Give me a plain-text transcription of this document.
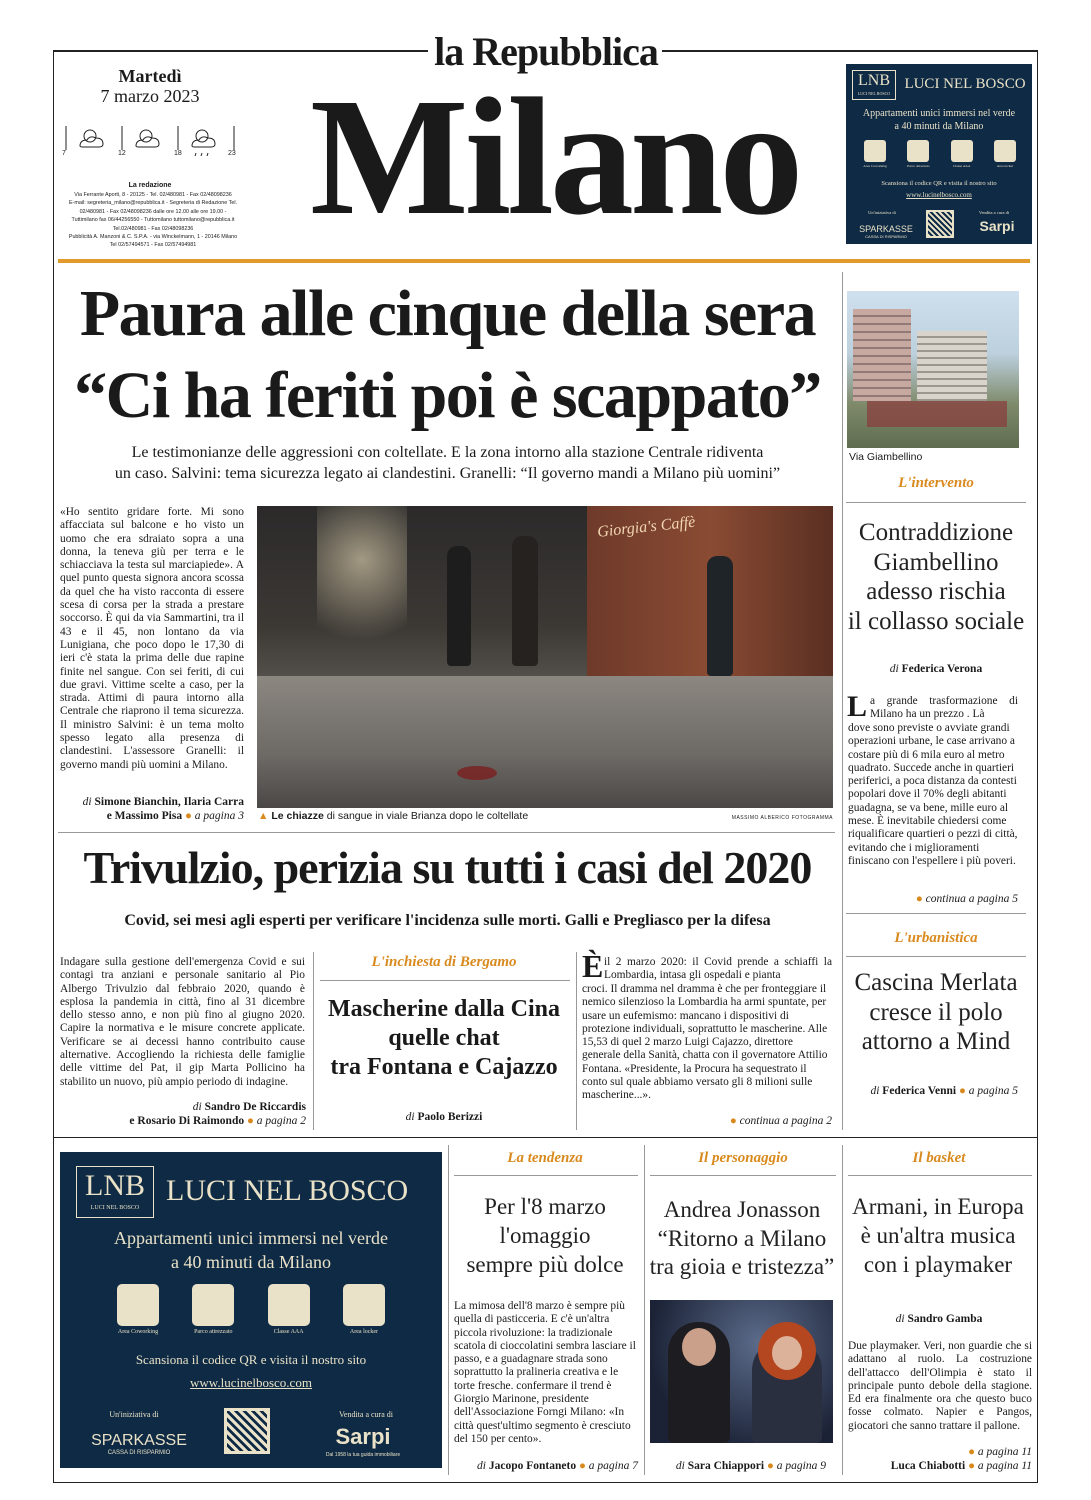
la Repubblica
Milano
Martedì
7 marzo 2023
7	12	18	23
La redazione
Via Ferrante Aporti, 8 - 20125 - Tel. 02/480981 - Fax 02/48098236
E-mail: segreteria_milano@repubblica.it - Segreteria di Redazione Tel.
02/480981 - Fax 02/48098236 dalle ore 12.00 alle ore 19.00 -
Tuttimilano fax 06/44256550 - Tuttomilano tuttomilano@repubblica.it
Tel.02/480981 - Fax 02/48098236
Pubblicità A. Manzoni & C. S.P.A. - via Winckelmann, 1 - 20146 Milano
Tel 02/57494571 - Fax 02/57494981
LNB
LUCI NEL BOSCO
LUCI NEL BOSCO
Appartamenti unici immersi nel verde
a 40 minuti da Milano
Area Coworking	Parco attrezzato	Classe AAA	Area locker
Scansiona il codice QR e visita il nostro sito
www.lucinelbosco.com
Un'iniziativa di	Vendita a cura di
SPARKASSE
CASSA DI RISPARMIO
Sarpi
Paura alle cinque della sera
“Ci ha feriti poi è scappato”
Le testimonianze delle aggressioni con coltellate. E la zona intorno alla stazione Centrale ridiventa
un caso. Salvini: tema sicurezza legato ai clandestini. Granelli: “Il governo mandi a Milano più uomini”
«Ho sentito gridare forte. Mi sono affacciata sul balcone e ho visto un uomo che era sdraiato sopra a una donna, la teneva giù per terra e le schiacciava la testa sul marciapiede». A quel punto questa signora ancora scossa da quel che ha visto racconta di essere scesa di corsa per la strada a prestare soccorso. È qui da via Sammartini, tra il 43 e il 45, non lontano da via Lunigiana, che poco dopo le 17,30 di ieri c'è stata la prima delle due rapine finite nel sangue. Con sei feriti, di cui due gravi. Vittime scelte a caso, per la strada. Attimi di paura intorno alla Centrale che riaprono il tema sicurezza. Il ministro Salvini: è un tema molto spesso legato alla presenza di clandestini. L'assessore Granelli: il governo mandi più uomini a Milano.
di Simone Bianchin, Ilaria Carra
e Massimo Pisa ● a pagina 3
Giorgia's Caffè
▲ Le chiazze di sangue in viale Brianza dopo le coltellate	MASSIMO ALBERICO FOTOGRAMMA
Via Giambellino
L'intervento
Contraddizione
Giambellino
adesso rischia
il collasso sociale
di Federica Verona
L a grande trasformazione di Milano ha un prezzo . Là
dove sono previste o avviate grandi operazioni urbane, le case arrivano a costare più di 6 mila euro al metro quadrato. Succede anche in quartieri periferici, a poca distanza da contesti popolari dove il 70% degli abitanti guadagna, se va bene, mille euro al mese. È inevitabile chiedersi come riqualificare quartieri o pezzi di città, evitando che i miglioramenti finiscano con l'espellere i più poveri.
● continua a pagina 5
L'urbanistica
Cascina Merlata
cresce il polo
attorno a Mind
di Federica Venni ● a pagina 5
Trivulzio, perizia su tutti i casi del 2020
Covid, sei mesi agli esperti per verificare l'incidenza sulle morti. Galli e Pregliasco per la difesa
Indagare sulla gestione dell'emergenza Covid e sui contagi tra anziani e personale sanitario al Pio Albergo Trivulzio dal febbraio 2020, quando è esplosa la pandemia in città, fino al 31 dicembre dello stesso anno, e non più fino al giugno 2020. Capire la normativa e le misure concrete applicate. Verificare se ai decessi hanno contribuito cause alternative. Accogliendo la richiesta delle famiglie delle vittime del Pat, il gip Marta Pollicino ha stabilito un nuovo, più ampio periodo di indagine.
di Sandro De Riccardis
e Rosario Di Raimondo ● a pagina 2
L'inchiesta di Bergamo
Mascherine dalla Cina
quelle chat
tra Fontana e Cajazzo
di Paolo Berizzi
È il 2 marzo 2020: il Covid prende a schiaffi la Lombardia, intasa gli ospedali e pianta
croci. Il dramma nel dramma è che per fronteggiare il nemico silenzioso la Lombardia ha armi spuntate, per usare un eufemismo: mancano i dispositivi di protezione individuali, soprattutto le mascherine. Alle 15,53 di quel 2 marzo Luigi Cajazzo, direttore generale della Sanità, chatta con il governatore Attilio Fontana. «Presidente, la Procura ha sequestrato il conto sul quale abbiamo versato gli 8 milioni sulle mascherine...».
● continua a pagina 2
LNB
LUCI NEL BOSCO
LUCI NEL BOSCO
Appartamenti unici immersi nel verde
a 40 minuti da Milano
Area Coworking	Parco attrezzato	Classe AAA	Area locker
Scansiona il codice QR e visita il nostro sito
www.lucinelbosco.com
Un'iniziativa di	Vendita a cura di
SPARKASSE
CASSA DI RISPARMIO
Sarpi
Dal 1958 la tua guida immobiliare
La tendenza
Per l'8 marzo
l'omaggio
sempre più dolce
La mimosa dell'8 marzo è sempre più quella di pasticceria. E c'è un'altra piccola rivoluzione: la tradizionale scatola di cioccolatini sembra lasciare il passo, e a guadagnare strada sono soprattutto la pralineria creativa e le torte fresche. confermare il trend è Giorgio Marinone, presidente dell'Associazione Forngi Milano: «In città quest'ultimo segmento è cresciuto del 150 per cento».
di Jacopo Fontaneto ● a pagina 7
Il personaggio
Andrea Jonasson
“Ritorno a Milano
tra gioia e tristezza”
di Sara Chiappori ● a pagina 9
Il basket
Armani, in Europa
è un'altra musica
con i playmaker
di Sandro Gamba
Due playmaker. Veri, non guardie che si adattano al ruolo. La costruzione dell'attacco dell'Olimpia è stato il principale punto debole della stagione. Ed era finalmente ora che questo buco fosse colmato. Napier e Pangos, giocatori che sanno trattare il pallone.
● a pagina 11
Luca Chiabotti ● a pagina 11
